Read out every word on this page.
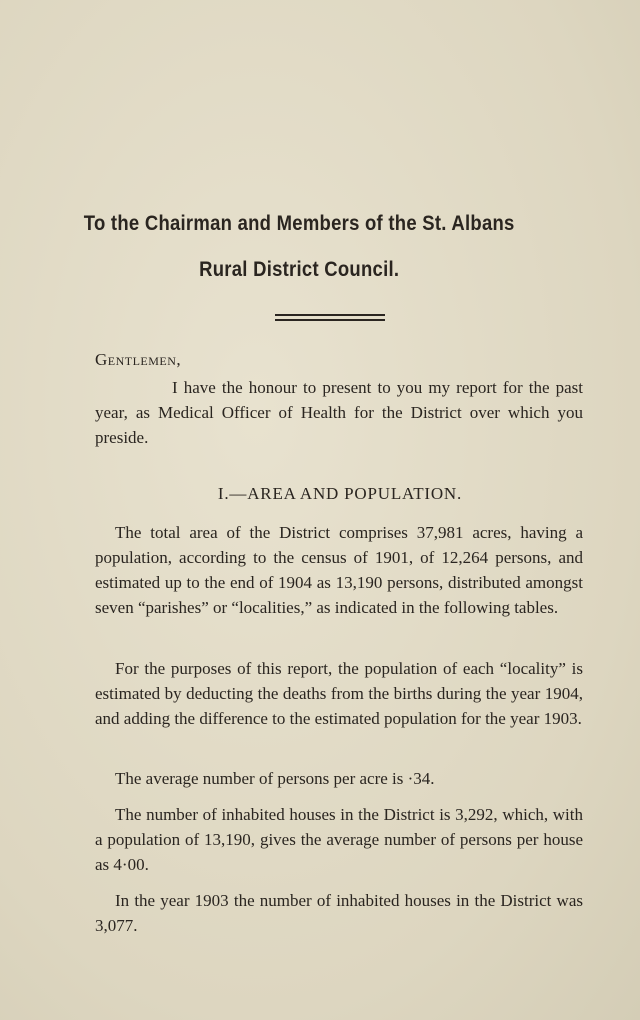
To the Chairman and Members of the St. Albans
Rural District Council.
Gentlemen,
I have the honour to present to you my report for the past year, as Medical Officer of Health for the District over which you preside.
I.—AREA AND POPULATION.
The total area of the District comprises 37,981 acres, having a population, according to the census of 1901, of 12,264 persons, and estimated up to the end of 1904 as 13,190 persons, distributed amongst seven “parishes” or “localities,” as indicated in the following tables.
For the purposes of this report, the population of each “locality” is estimated by deducting the deaths from the births during the year 1904, and adding the difference to the estimated population for the year 1903.
The average number of persons per acre is ·34.
The number of inhabited houses in the District is 3,292, which, with a population of 13,190, gives the average number of persons per house as 4·00.
In the year 1903 the number of inhabited houses in the District was 3,077.
